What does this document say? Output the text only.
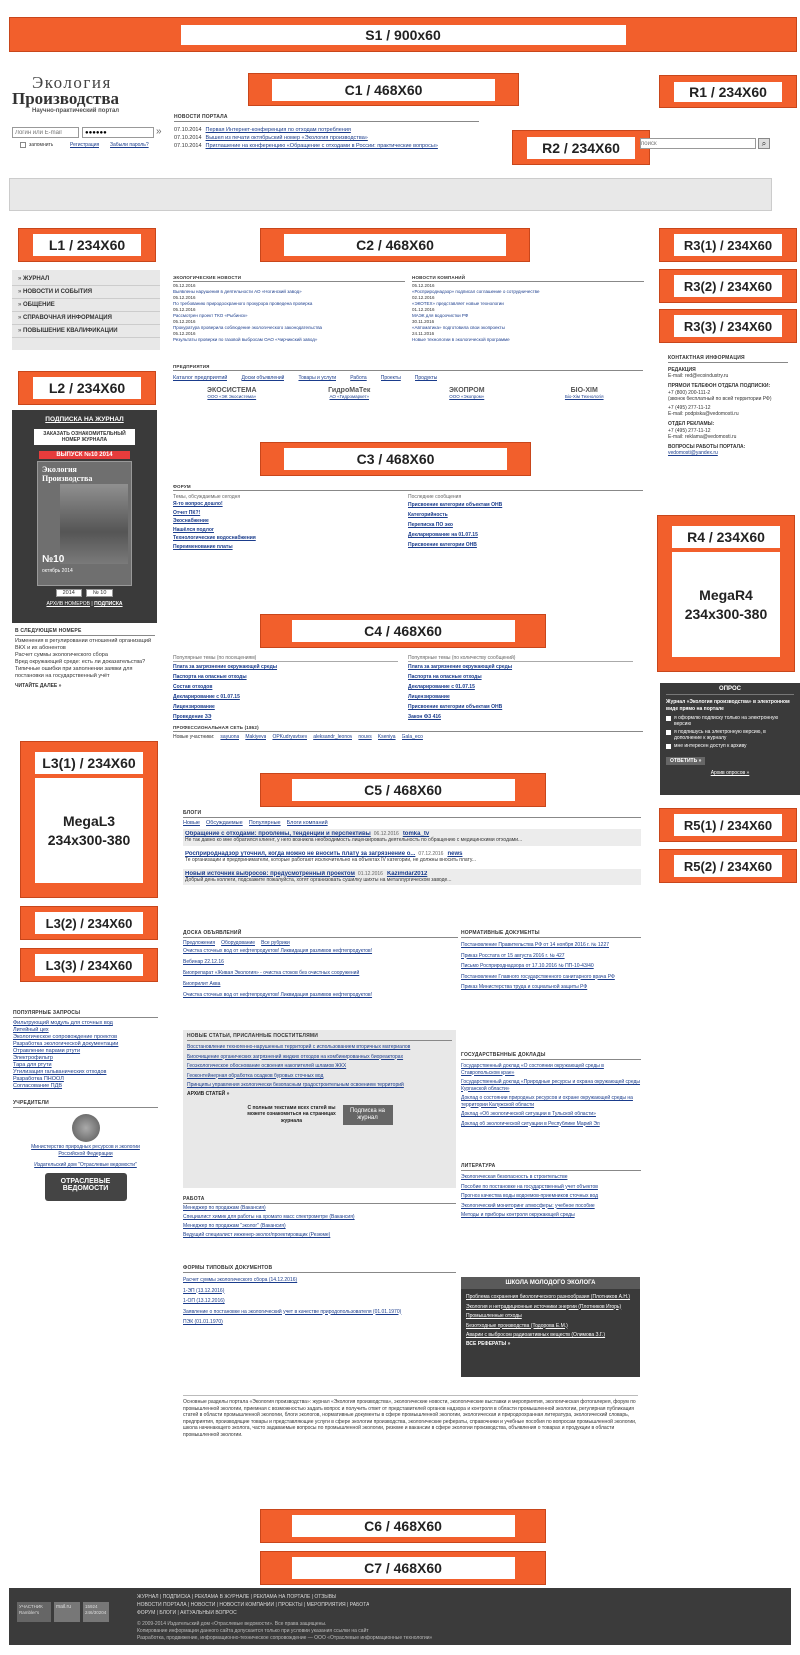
S1 / 900x60
C1 / 468X60	R1 / 234X60
R2 / 234X60
L1 / 234X60	C2 / 468X60	R3(1) / 234X60
R3(2) / 234X60
R3(3) / 234X60
L2 / 234X60
C3 / 468X60
R4 / 234X60
MegaR4
234x300-380
C4 / 468X60
L3(1) / 234X60
MegaL3
234x300-380
C5 / 468X60
R5(1) / 234X60
R5(2) / 234X60
L3(2) / 234X60
L3(3) / 234X60
C6 / 468X60
C7 / 468X60
Экология
Производства
Научно-практический портал
Логин или E-mail
●●●●●●
»
запомнить	Регистрация Забыли пароль?
НОВОСТИ ПОРТАЛА
07.10.2014 Первая Интернет-конференция по отходам потребления
07.10.2014 Вышел из печати октябрьский номер «Экология производства»
07.10.2014 Приглашение на конференцию «Обращение с отходами в России: практические вопросы»
поиск	⌕
» ЖУРНАЛ
» НОВОСТИ И СОБЫТИЯ
» ОБЩЕНИЕ
» СПРАВОЧНАЯ ИНФОРМАЦИЯ
» ПОВЫШЕНИЕ КВАЛИФИКАЦИИ
ПОДПИСКА НА ЖУРНАЛ
ЗАКАЗАТЬ ОЗНАКОМИТЕЛЬНЫЙ НОМЕР ЖУРНАЛА
ВЫПУСК №10 2014
Экология Производства
№10
октябрь 2014
2014	№ 10
АРХИВ НОМЕРОВ | ПОДПИСКА
В СЛЕДУЮЩЕМ НОМЕРЕ
Изменения в регулировании отношений организаций ВКХ и их абонентов
Расчет суммы экологического сбора
Вред окружающей среде: есть ли доказательства?
Типичные ошибки при заполнении заявки для постановки на государственный учёт
ЧИТАЙТЕ ДАЛЕЕ »
ЭКОЛОГИЧЕСКИЕ НОВОСТИ
05.12.2016
Выявлены нарушения в деятельности АО «Ногинский завод»
05.12.2016
По требованию природоохранного прокурора проведена проверка
05.12.2016
Рассмотрен проект ТКО «Рыбинск»
05.12.2016
Прокуратура проверила соблюдение экологического законодательства
05.12.2016
Результаты проверки по газовой выбросам ОАО «Чирчикский завод»
НОВОСТИ КОМПАНИЙ
05.12.2016
«Росприроднадзор» подписал соглашение о сотрудничестве
02.12.2016
«ЭКОТЕХ» представляет новые технологии
01.12.2016
МАЭК для водоочистки РФ
30.11.2016
«Автоматика» подготовила свои экопроекты
24.11.2016
Новые технологии в экологической программе
ПРЕДПРИЯТИЯ
Каталог предприятий	Доски объявлений	Товары и услуги	Работа	Проекты	Продукты
ЭКОСИСТЕМА
ООО «ЭК Экосистема»
ГидроМаТек
АО «Гидромаркет»
ЭКОПРОМ
ООО «Экопром»
БІО-ХІМ
Біо-Хім Технологія
КОНТАКТНАЯ ИНФОРМАЦИЯ
РЕДАКЦИЯ
E-mail: red@ecoindustry.ru
ПРЯМОЙ ТЕЛЕФОН ОТДЕЛА ПОДПИСКИ:
+7 (800) 200-111-2
(звонок бесплатный по всей территории РФ)
+7 (495) 277-11-12
E-mail: podpiska@vedomosti.ru
ОТДЕЛ РЕКЛАМЫ:
+7 (495) 277-11-12
E-mail: reklama@vedomosti.ru
ВОПРОСЫ РАБОТЫ ПОРТАЛА:
vedomosti@yandex.ru
ФОРУМ
Темы, обсуждаемые сегодня
Я-то вопрос дошло!
Отчет ПК?!
Экоснабжение
Нашёлся подлог
Технологические водоснабжения
Переименование платы
Последние сообщения
Присвоение категории объектам ОНВ
Категорийность
Переписка ПО эко
Декларирование на 01.07.15
Присвоение категории ОНВ
ОПРОС
Журнал «Экология производства» в электронном виде прямо на портале
я оформлю подписку только на электронную версию
я подпишусь на электронную версию, в дополнение к журналу
мне интересен доступ к архиву
ОТВЕТИТЬ »
Архив опросов »
Популярные темы (по посещениям)
Плата за загрязнение окружающей среды
Паспорта на опасные отходы
Состав отходов
Декларирование с 01.07.15
Лицензирование
Проведение ЗЭ
Популярные темы (по количеству сообщений)
Плата за загрязнение окружающей среды
Паспорта на опасные отходы
Декларирование с 01.07.15
Лицензирование
Присвоение категории объектам ОНВ
Закон ФЗ 416
ПРОФЕССИОНАЛЬНАЯ СЕТЬ (1862)
Новые участники: sayuona Makiyeva OPKudryavtsev aleksandr_leonov nouvs Kseniya Gala_eco
БЛОГИ
Новые Обсуждаемые Популярные Блоги компаний
Обращение с отходами: проблемы, тенденции и перспективы 06.12.2016 tomka_tv
Не так давно ко мне обратился клиент, у него возникла необходимость лицензировать деятельность по обращению с медицинскими отходами...
Росприроднадзор уточнил, когда можно не вносить плату за загрязнение о... 07.12.2016 news
Те организации и предприниматели, которые работают исключительно на объектах IV категории, не должны вносить плату...
Новый источник выбросов: предусмотренный проектом 01.12.2016 Kazimdar2012
Добрый день коллеги, подскажите пожалуйста, хотят организовать сушилку шихты на металлургическом заводе...
ПОПУЛЯРНЫЕ ЗАПРОСЫ
Фильтрующий модуль для сточных вод
Литейный цех
Экологическое сопровождение проектов
Разработка экологической документации
Отравление парами ртути
Электрофильтр
Тара для ртути
Утилизация гальванических отходов
Разработка ПНООЛ
Согласование ПДВ
УЧРЕДИТЕЛИ
Министерство природных ресурсов и экологии Российской Федерации
Издательский дом "Отраслевые ведомости"
ОТРАСЛЕВЫЕ
ВЕДОМОСТИ
ДОСКА ОБЪЯВЛЕНИЙ
Предложения Оборудование Все рубрики
Очистка сточных вод от нефтепродуктов! Ликвидация разливов нефтепродуктов!
Вебинар 22.12.16
Биопрепарат «Живая Экология» - очистка стоков без очистных сооружений
Биоприлит Аква
Очистка сточных вод от нефтепродуктов! Ликвидация разливов нефтепродуктов!
НОРМАТИВНЫЕ ДОКУМЕНТЫ
Постановление Правительства РФ от 14 ноября 2016 г. № 1227
Приказ Росстата от 15 августа 2016 г. № 427
Письмо Росприроднадзора от 17.10.2016 № ПП-10-43/40
Постановление Главного государственного санитарного врача РФ
Приказ Министерства труда и социальной защиты РФ
НОВЫЕ СТАТЬИ, ПРИСЛАННЫЕ ПОСЕТИТЕЛЯМИ
Восстановление техногенно-нарушенных территорий с использованием вторичных материалов
Биоочищение органических загрязнений жидких отходов на комбинированных биореакторах
Геоэкологическое обоснование освоения накопителей шламов ЖКХ
Геоконтейнерная обработка осадков буровых сточных вод
Принципы управления экологически безопасным градостроительным освоением территорий
АРХИВ СТАТЕЙ »
С полным текстами всех статей вы можете ознакомиться на страницах журнала
Подписка на журнал
ГОСУДАРСТВЕННЫЕ ДОКЛАДЫ
Государственный доклад «О состоянии окружающей среды в Ставропольском крае»
Государственный доклад «Природные ресурсы и охрана окружающей среды Курганской области»
Доклад о состоянии природных ресурсов и охране окружающей среды на территории Калужской области
Доклад «Об экологической ситуации в Тульской области»
Доклад об экологической ситуации в Республике Марий Эл
ЛИТЕРАТУРА
Экологическая безопасность в строительстве
Пособие по постановке на государственный учет объектов
Прогноз качества воды водоемов-приемников сточных вод
Экологический мониторинг атмосферы: учебное пособие
Методы и приборы контроля окружающей среды
РАБОТА
Менеджер по продажам (Вакансия)
Специалист химик для работы на хромато масс спектрометре (Вакансия)
Менеджер по продажам "эколог" (Вакансия)
Ведущий специалист инженер-эколог/проектировщик (Резюме)
ФОРМЫ ТИПОВЫХ ДОКУМЕНТОВ
Расчет суммы экологического сбора (14.12.2016)
1-ЭП (13.12.2016)
1-ОП (13.12.2016)
Заявление о постановке на экологический учет в качестве природопользователя (01.01.1970)
ПЭК (01.01.1970)
ШКОЛА МОЛОДОГО ЭКОЛОГА
Проблема сохранения биологического разнообразия (Плотников А.Н.)
Экология и нетрадиционные источники энергии (Плотников Игорь)
Промышленные отходы
Безотходные производства (Тодорова Е.М.)
Аварии с выбросом радиоактивных веществ (Олимова З.Г.)
ВСЕ РЕФЕРАТЫ »
Основные разделы портала «Экология производства»: журнал «Экология производства», экологические новости, экологические выставки и мероприятия, экологическая фотогалерея, форум по промышленной экологии, приемная с возможностью задать вопрос и получить ответ от представителей органов надзора и контроля в области промышленной экологии, регулярная публикация статей в области промышленной экологии, блоги экологов, нормативные документы в сфере промышленной экологии, экологическая и природоохранная литература, экологический словарь, предприятия, производящие товары и представляющие услуги в сфере экологии производства, экологические рефераты, справочники и учебные пособия по вопросам промышленной экологии, школа начинающего эколога, часто задаваемые вопросы по промышленной экологии, резюме и вакансии в сфере экологии производства, объявления о товарах и продукции в области промышленной экологии.
УЧАСТНИК Rambler's
mail.ru	15924 246/30204
ЖУРНАЛ | ПОДПИСКА | РЕКЛАМА В ЖУРНАЛЕ | РЕКЛАМА НА ПОРТАЛЕ | ОТЗЫВЫ
НОВОСТИ ПОРТАЛА | НОВОСТИ | НОВОСТИ КОМПАНИЙ | ПРОЕКТЫ | МЕРОПРИЯТИЯ | РАБОТА
ФОРУМ | БЛОГИ | АКТУАЛЬНЫЙ ВОПРОС
© 2009-2014 Издательский дом «Отраслевые ведомости». Все права защищены.
Копирование информации данного сайта допускается только при условии указания ссылки на сайт
Разработка, продвижение, информационно-техническое сопровождение — ООО «Отраслевые информационные технологии»
